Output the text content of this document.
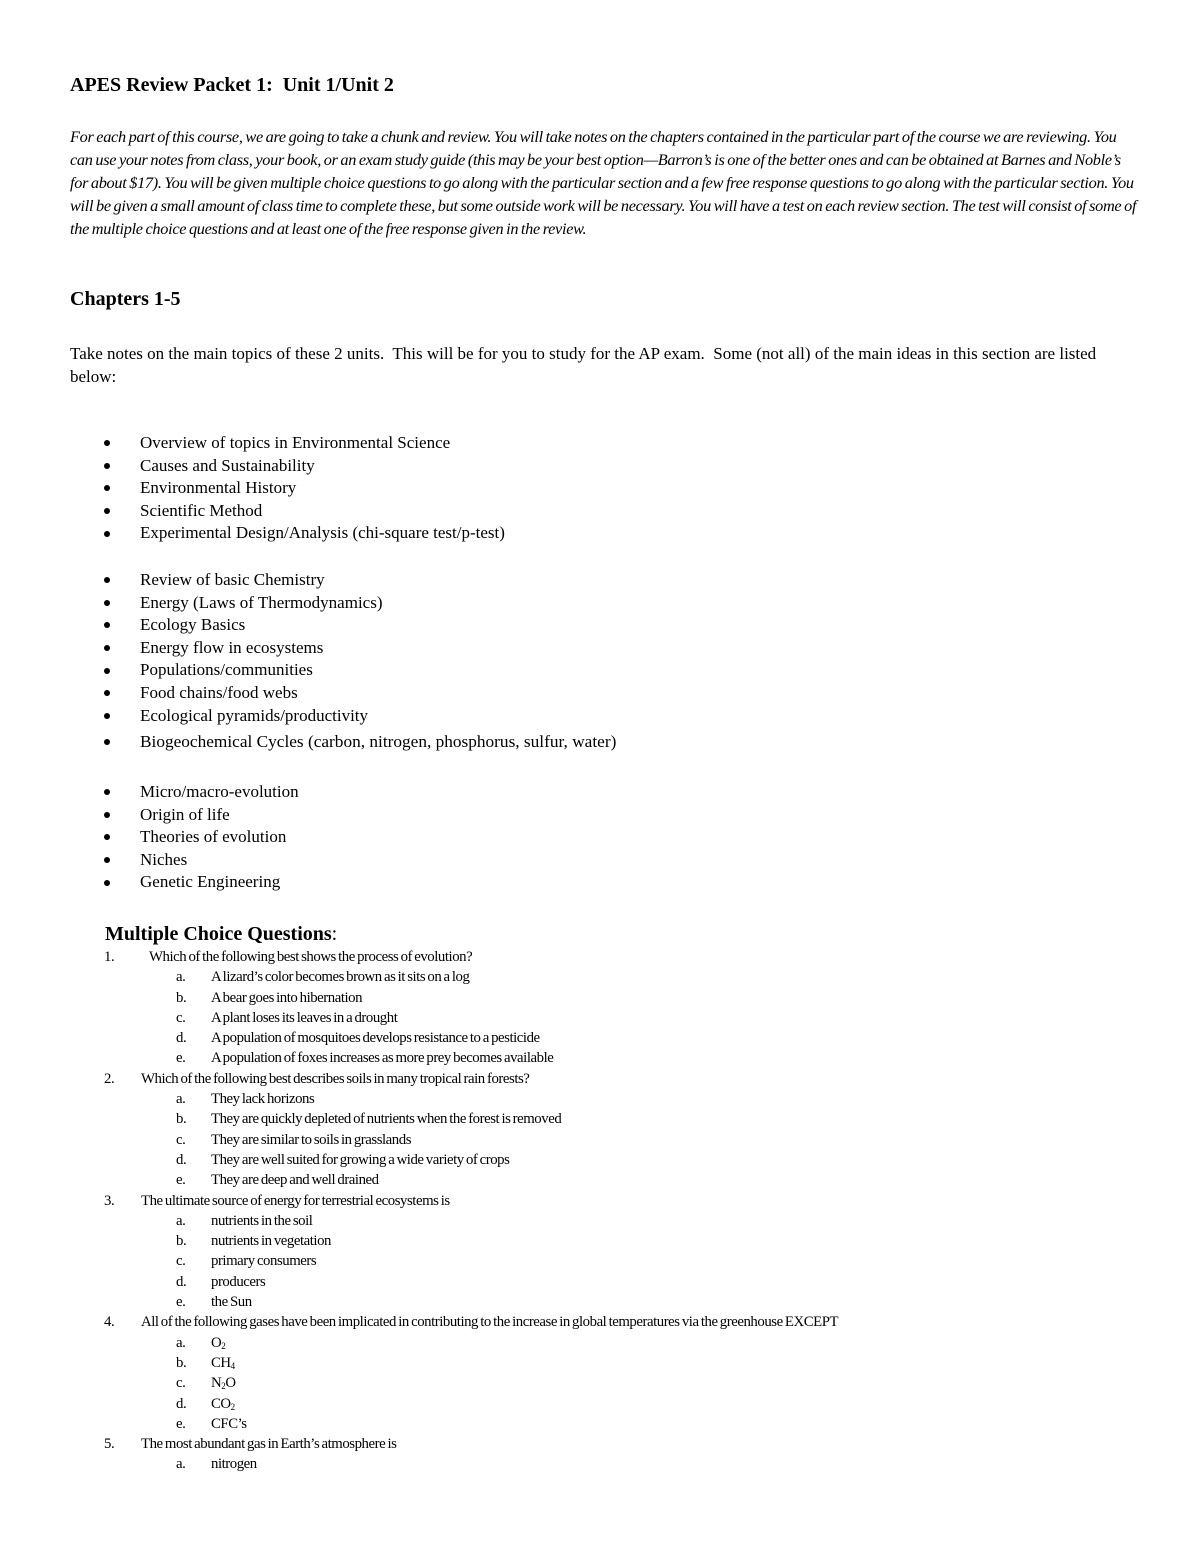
APES Review Packet 1:  Unit 1/Unit 2
For each part of this course, we are going to take a chunk and review. You will take notes on the chapters contained in the particular part of the course we are reviewing. You can use your notes from class, your book, or an exam study guide (this may be your best option—Barron’s is one of the better ones and can be obtained at Barnes and Noble’s for about $17). You will be given multiple choice questions to go along with the particular section and a few free response questions to go along with the particular section. You will be given a small amount of class time to complete these, but some outside work will be necessary. You will have a test on each review section. The test will consist of some of the multiple choice questions and at least one of the free response given in the review.
Chapters 1-5
Take notes on the main topics of these 2 units.  This will be for you to study for the AP exam.  Some (not all) of the main ideas in this section are listed below:
Overview of topics in Environmental Science
Causes and Sustainability
Environmental History
Scientific Method
Experimental Design/Analysis (chi-square test/p-test)
Review of basic Chemistry
Energy (Laws of Thermodynamics)
Ecology Basics
Energy flow in ecosystems
Populations/communities
Food chains/food webs
Ecological pyramids/productivity
Biogeochemical Cycles (carbon, nitrogen, phosphorus, sulfur, water)
Micro/macro-evolution
Origin of life
Theories of evolution
Niches
Genetic Engineering
Multiple Choice Questions:
1. Which of the following best shows the process of evolution?
a. A lizard’s color becomes brown as it sits on a log
b. A bear goes into hibernation
c. A plant loses its leaves in a drought
d. A population of mosquitoes develops resistance to a pesticide
e. A population of foxes increases as more prey becomes available
2. Which of the following best describes soils in many tropical rain forests?
a. They lack horizons
b. They are quickly depleted of nutrients when the forest is removed
c. They are similar to soils in grasslands
d. They are well suited for growing a wide variety of crops
e. They are deep and well drained
3. The ultimate source of energy for terrestrial ecosystems is
a. nutrients in the soil
b. nutrients in vegetation
c. primary consumers
d. producers
e. the Sun
4. All of the following gases have been implicated in contributing to the increase in global temperatures via the greenhouse EXCEPT
a. $O_2$
b. $CH_4$
c. $N_2O$
d. $CO_2$
e. CFC’s
5. The most abundant gas in Earth’s atmosphere is
a. nitrogen
